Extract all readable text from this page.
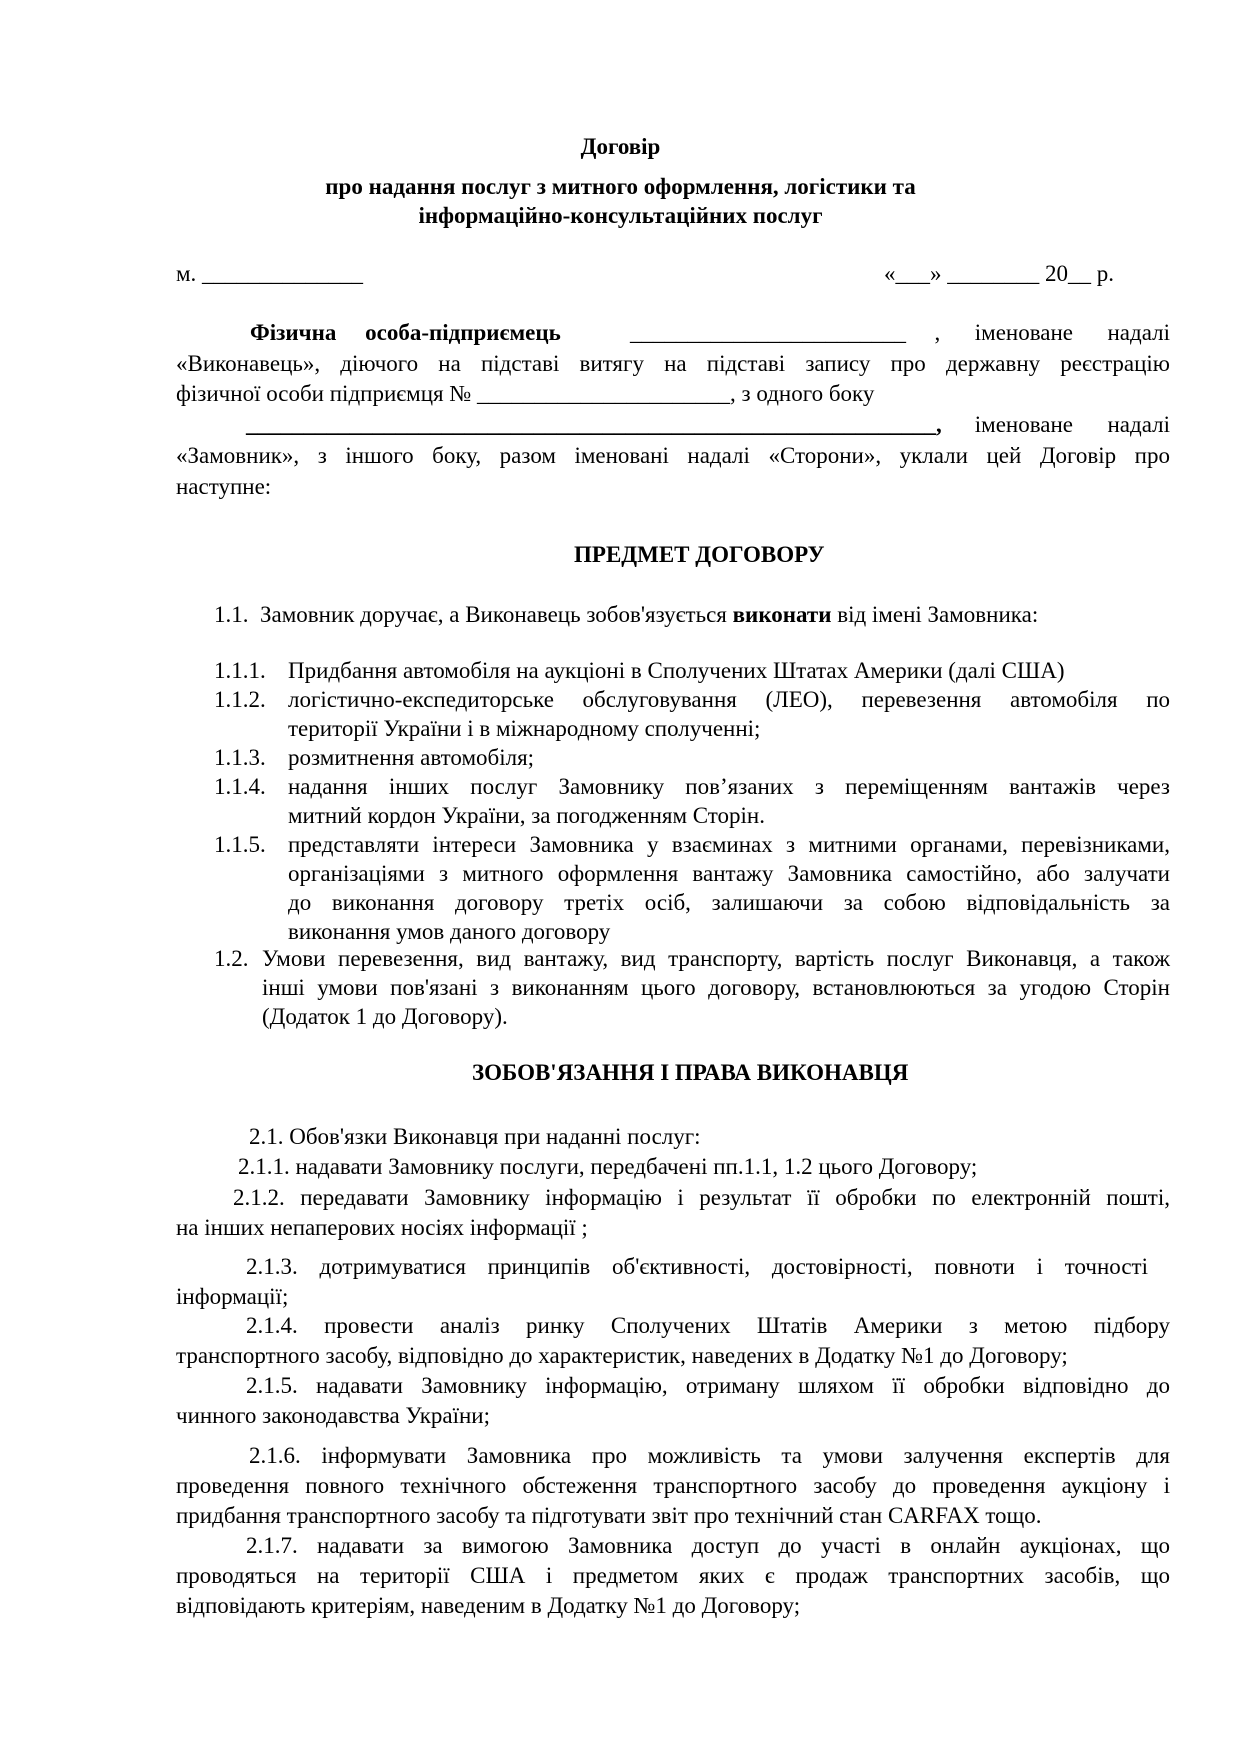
Договір
про надання послуг з митного оформлення, логістики та
інформаційно-консультаційних послуг
м. ______________	«___» ________ 20__ р.
Фізична     особа-підприємець	________________________ ,      іменоване      надалі
«Виконавець», діючого на підставі витягу на підставі запису про державну реєстрацію
фізичної особи підприємця № ______________________, з одного боку
____________________________________________________________, іменоване      надалі
«Замовник», з іншого боку, разом іменовані надалі «Сторони», уклали цей Договір про
наступне:
ПРЕДМЕТ ДОГОВОРУ
1.1.  Замовник доручає, а Виконавець зобов'язується виконати від імені Замовника:
1.1.1. Придбання автомобіля на аукціоні в Сполучених Штатах Америки (далі США)
1.1.2. логістично-експедиторське обслуговування (ЛЕО), перевезення автомобіля по
території України і в міжнародному сполученні;
1.1.3. розмитнення автомобіля;
1.1.4. надання інших послуг Замовнику пов’язаних з переміщенням вантажів через
митний кордон України, за погодженням Сторін.
1.1.5. представляти інтереси Замовника у взаєминах з митними органами, перевізниками,
організаціями з митного оформлення вантажу Замовника самостійно, або залучати
до виконання договору третіх осіб, залишаючи за собою відповідальність за
виконання умов даного договору
1.2. Умови перевезення, вид вантажу, вид транспорту, вартість послуг Виконавця, а також
інші умови пов'язані з виконанням цього договору, встановлюються за угодою Сторін
(Додаток 1 до Договору).
ЗОБОВ'ЯЗАННЯ І ПРАВА ВИКОНАВЦЯ
2.1. Обов'язки Виконавця при наданні послуг:
2.1.1. надавати Замовнику послуги, передбачені пп.1.1, 1.2 цього Договору;
2.1.2. передавати Замовнику інформацію і результат її обробки по електронній пошті,
на інших непаперових носіях інформації ;
2.1.3. дотримуватися принципів об'єктивності, достовірності, повноти і точності
інформації;
2.1.4. провести аналіз ринку Сполучених Штатів Америки з метою підбору
транспортного засобу, відповідно до характеристик, наведених в Додатку №1 до Договору;
2.1.5. надавати Замовнику інформацію, отриману шляхом її обробки відповідно до
чинного законодавства України;
2.1.6. інформувати Замовника про можливість та умови залучення експертів для
проведення повного технічного обстеження транспортного засобу до проведення аукціону і
придбання транспортного засобу та підготувати звіт про технічний стан CARFAX тощо.
2.1.7. надавати за вимогою Замовника доступ до участі в онлайн аукціонах, що
проводяться на території США і предметом яких є продаж транспортних засобів, що
відповідають критеріям, наведеним в Додатку №1 до Договору;
